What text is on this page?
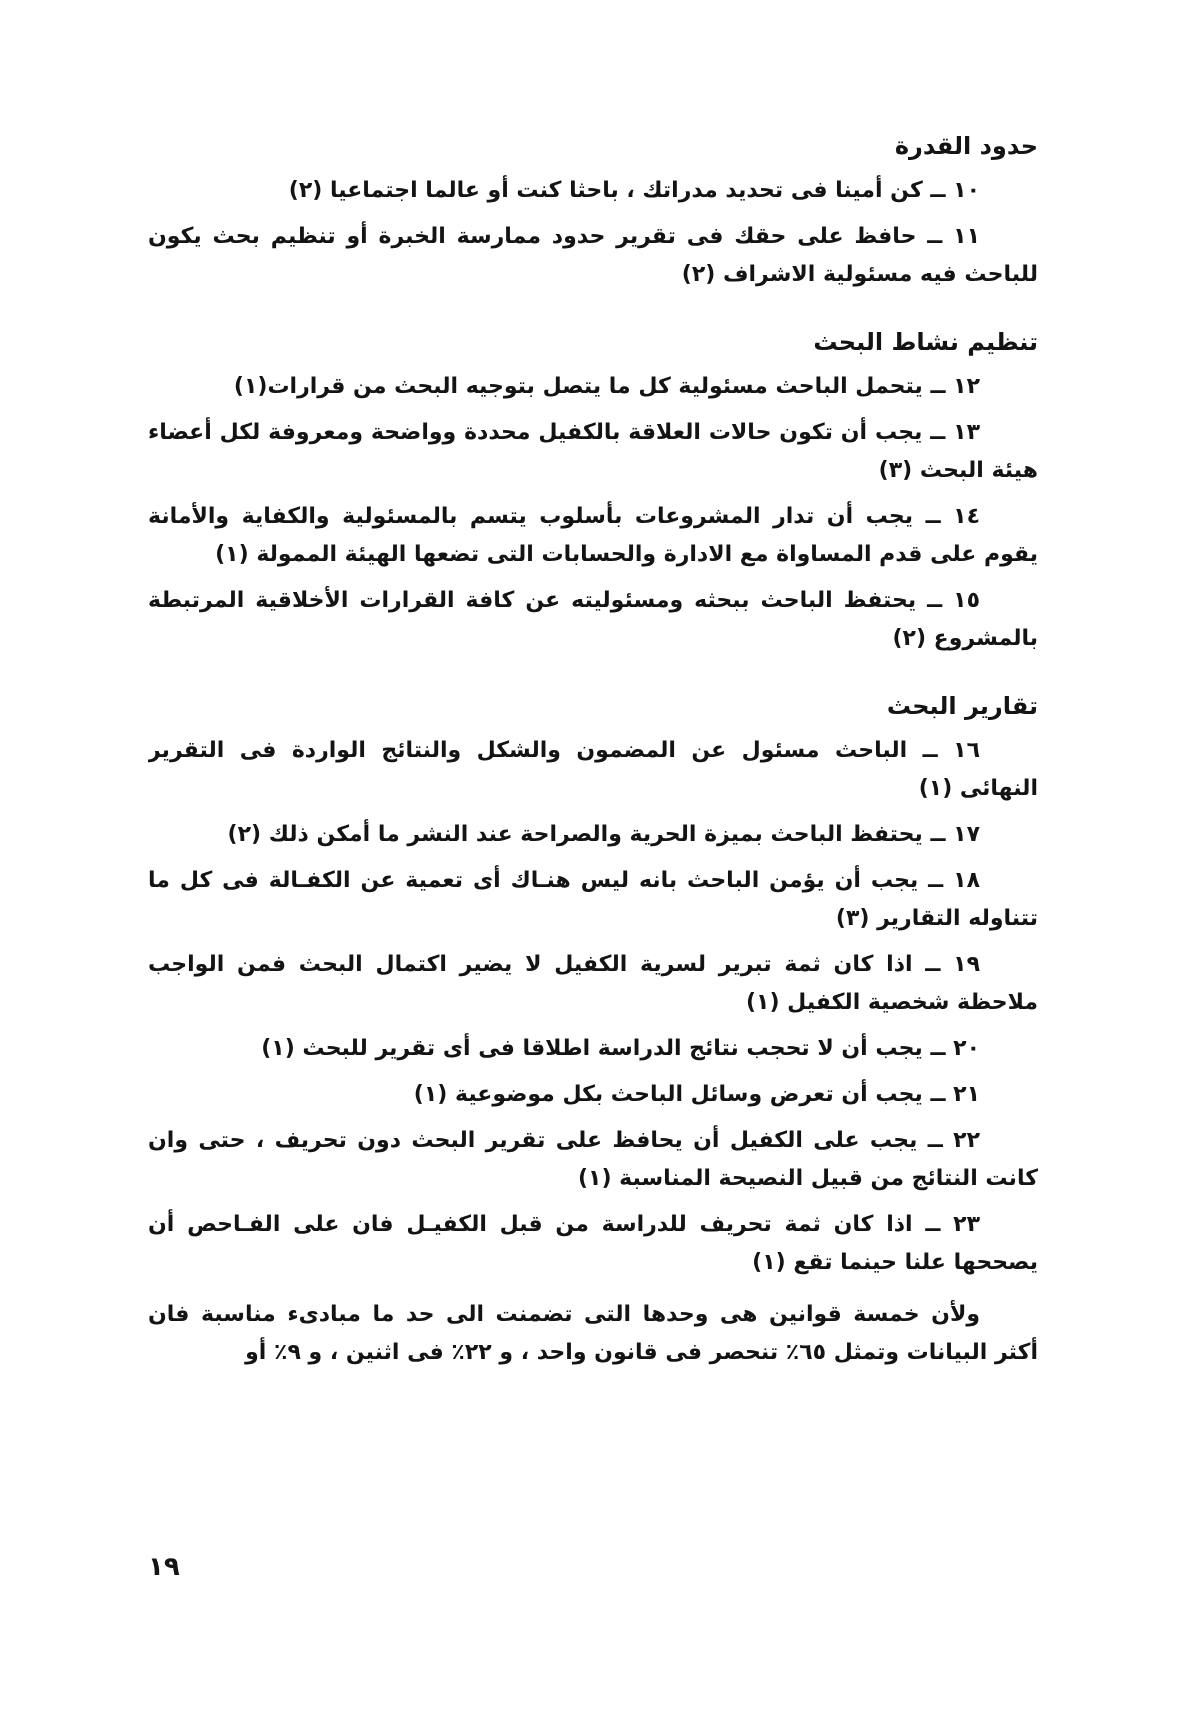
حدود القدرة

١٠ ــ كن أمينا فى تحديد مدراتك ، باحثا كنت أو عالما اجتماعيا (٢)

١١ ــ حافظ على حقك فى تقرير حدود ممارسة الخبرة أو تنظيم بحث يكون للباحث فيه مسئولية الاشراف (٢)

تنظيم نشاط البحث

١٢ ــ يتحمل الباحث مسئولية كل ما يتصل بتوجيه البحث من قرارات(١)

١٣ ــ يجب أن تكون حالات العلاقة بالكفيل محددة وواضحة ومعروفة لكل أعضاء هيئة البحث (٣)

١٤ ــ يجب أن تدار المشروعات بأسلوب يتسم بالمسئولية والكفاية والأمانة يقوم على قدم المساواة مع الادارة والحسابات التى تضعها الهيئة الممولة (١)

١٥ ــ يحتفظ الباحث ببحثه ومسئوليته عن كافة القرارات الأخلاقية المرتبطة بالمشروع (٢)

تقارير البحث

١٦ ــ الباحث مسئول عن المضمون والشكل والنتائج الواردة فى التقرير النهائى (١)

١٧ ــ يحتفظ الباحث بميزة الحرية والصراحة عند النشر ما أمكن ذلك (٢)

١٨ ــ يجب أن يؤمن الباحث بانه ليس هنـاك أى تعمية عن الكفـالة فى كل ما تتناوله التقارير (٣)

١٩ ــ اذا كان ثمة تبرير لسرية الكفيل لا يضير اكتمال البحث فمن الواجب ملاحظة شخصية الكفيل (١)

٢٠ ــ يجب أن لا تحجب نتائج الدراسة اطلاقا فى أى تقرير للبحث (١)

٢١ ــ يجب أن تعرض وسائل الباحث بكل موضوعية (١)

٢٢ ــ يجب على الكفيل أن يحافظ على تقرير البحث دون تحريف ، حتى وان كانت النتائج من قبيل النصيحة المناسبة (١)

٢٣ ــ اذا كان ثمة تحريف للدراسة من قبل الكفيـل فان على الفـاحص أن يصححها علنا حينما تقع (١)

ولأن خمسة قوانين هى وحدها التى تضمنت الى حد ما مبادىء مناسبة فان أكثر البيانات وتمثل ٦٥٪ تنحصر فى قانون واحد ، و ٢٢٪ فى اثنين ، و ٩٪ أو

١٩
